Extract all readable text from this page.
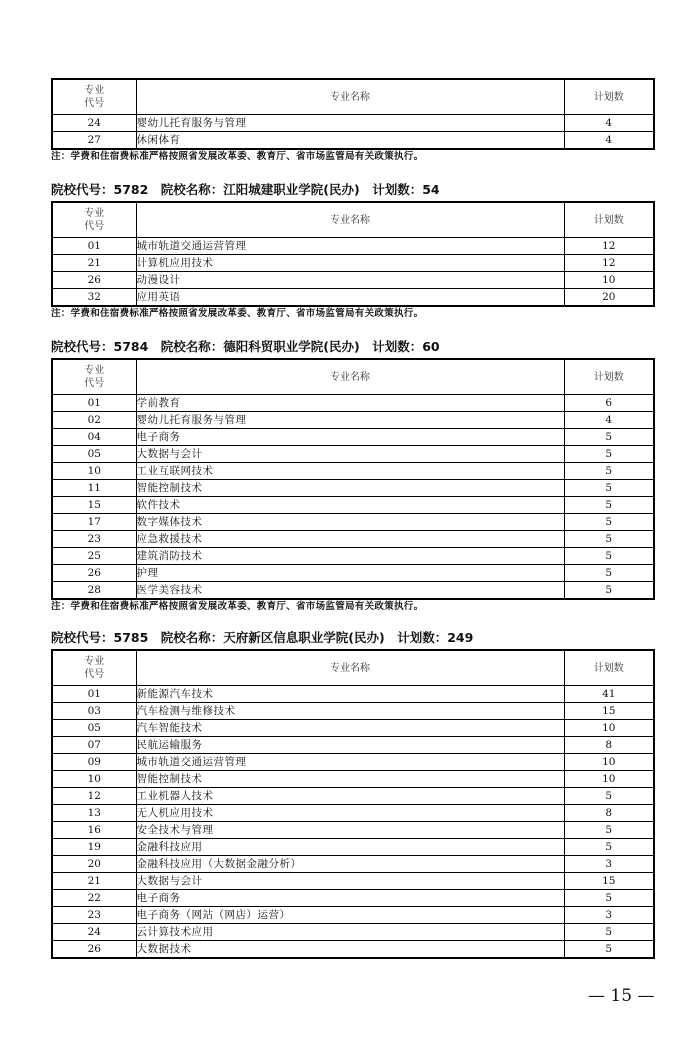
专业
代号	专业名称	计划数
24	婴幼儿托育服务与管理	4
27	休闲体育	4
注：学费和住宿费标准严格按照省发展改革委、教育厅、省市场监管局有关政策执行。
院校代号：5782　院校名称：江阳城建职业学院(民办)　计划数：54
专业
代号	专业名称	计划数
01	城市轨道交通运营管理	12
21	计算机应用技术	12
26	动漫设计	10
32	应用英语	20
注：学费和住宿费标准严格按照省发展改革委、教育厅、省市场监管局有关政策执行。
院校代号：5784　院校名称：德阳科贸职业学院(民办)　计划数：60
专业
代号	专业名称	计划数
01	学前教育	6
02	婴幼儿托育服务与管理	4
04	电子商务	5
05	大数据与会计	5
10	工业互联网技术	5
11	智能控制技术	5
15	软件技术	5
17	数字媒体技术	5
23	应急救援技术	5
25	建筑消防技术	5
26	护理	5
28	医学美容技术	5
注：学费和住宿费标准严格按照省发展改革委、教育厅、省市场监管局有关政策执行。
院校代号：5785　院校名称：天府新区信息职业学院(民办)　计划数：249
专业
代号	专业名称	计划数
01	新能源汽车技术	41
03	汽车检测与维修技术	15
05	汽车智能技术	10
07	民航运输服务	8
09	城市轨道交通运营管理	10
10	智能控制技术	10
12	工业机器人技术	5
13	无人机应用技术	8
16	安全技术与管理	5
19	金融科技应用	5
20	金融科技应用（大数据金融分析）	3
21	大数据与会计	15
22	电子商务	5
23	电子商务（网站（网店）运营）	3
24	云计算技术应用	5
26	大数据技术	5
— 15 —
